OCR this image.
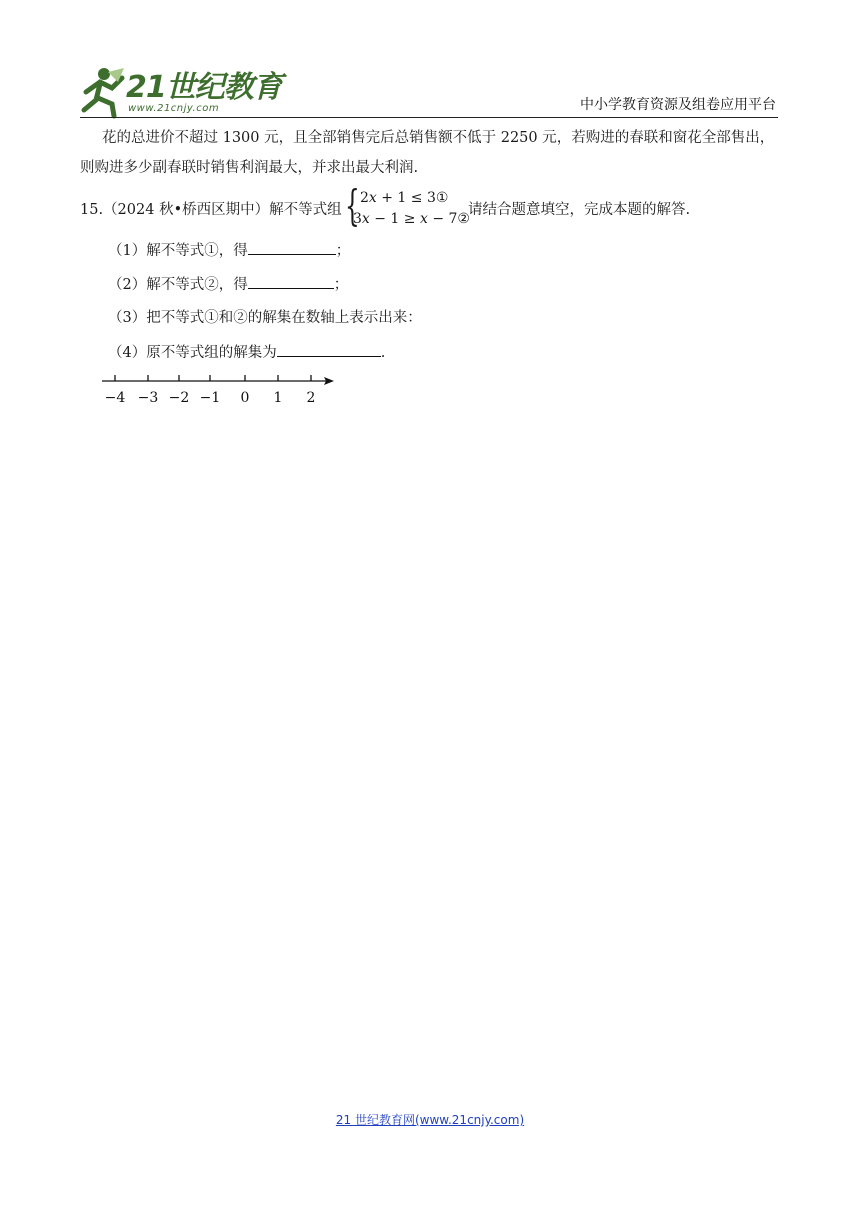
21世纪教育
www.21cnjy.com	中小学教育资源及组卷应用平台
花的总进价不超过 1300 元，且全部销售完后总销售额不低于 2250 元，若购进的春联和窗花全部售出，
则购进多少副春联时销售利润最大，并求出最大利润.
15.（2024 秋•桥西区期中）解不等式组 { 2𝑥 + 1 ≤ 3①
3𝑥 − 1 ≥ 𝑥 − 7②
请结合题意填空，完成本题的解答.
（1）解不等式①，得	；
（2）解不等式②，得	；
（3）把不等式①和②的解集在数轴上表示出来：
（4）原不等式组的解集为	.
−4 −3 −2 −1 0 1 2
21 世纪教育网(www.21cnjy.com)
